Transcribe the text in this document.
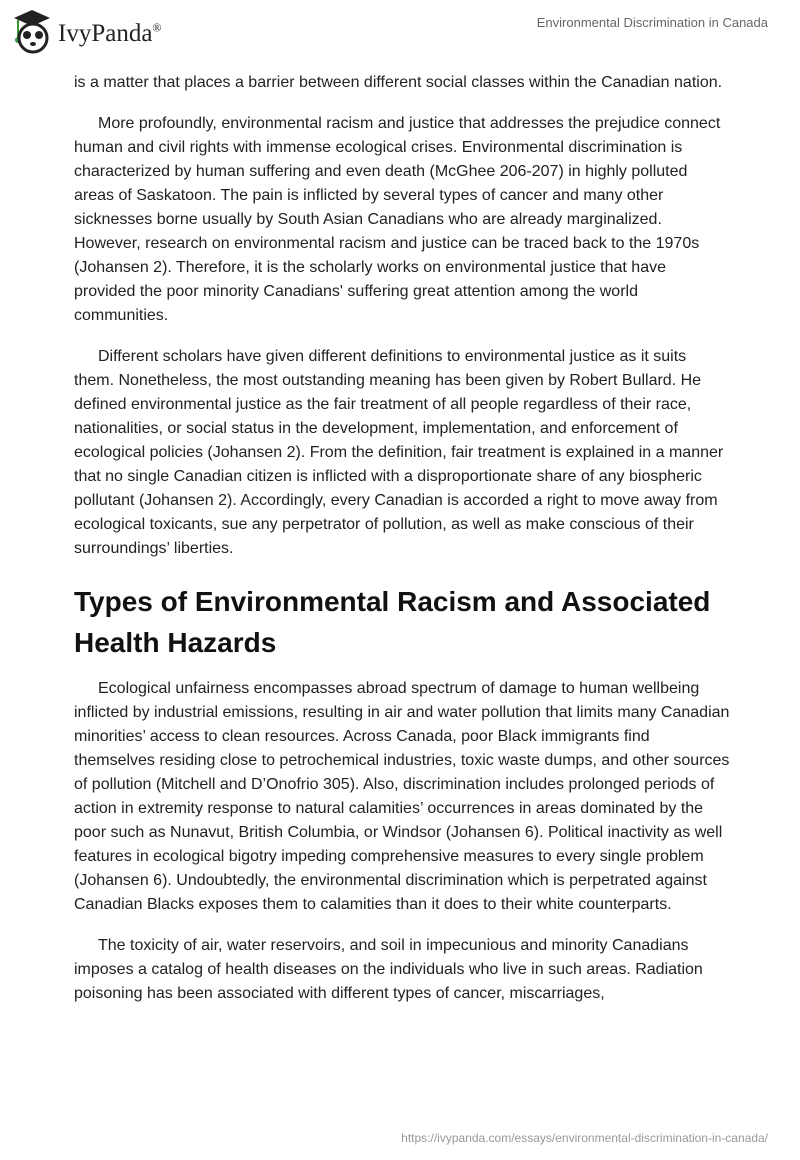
IvyPanda®	Environmental Discrimination in Canada

is a matter that places a barrier between different social classes within the Canadian nation.

More profoundly, environmental racism and justice that addresses the prejudice connect human and civil rights with immense ecological crises. Environmental discrimination is characterized by human suffering and even death (McGhee 206-207) in highly polluted areas of Saskatoon. The pain is inflicted by several types of cancer and many other sicknesses borne usually by South Asian Canadians who are already marginalized. However, research on environmental racism and justice can be traced back to the 1970s (Johansen 2). Therefore, it is the scholarly works on environmental justice that have provided the poor minority Canadians' suffering great attention among the world communities.

Different scholars have given different definitions to environmental justice as it suits them. Nonetheless, the most outstanding meaning has been given by Robert Bullard. He defined environmental justice as the fair treatment of all people regardless of their race, nationalities, or social status in the development, implementation, and enforcement of ecological policies (Johansen 2). From the definition, fair treatment is explained in a manner that no single Canadian citizen is inflicted with a disproportionate share of any biospheric pollutant (Johansen 2). Accordingly, every Canadian is accorded a right to move away from ecological toxicants, sue any perpetrator of pollution, as well as make conscious of their surroundings’ liberties.

Types of Environmental Racism and Associated Health Hazards

Ecological unfairness encompasses abroad spectrum of damage to human wellbeing inflicted by industrial emissions, resulting in air and water pollution that limits many Canadian minorities’ access to clean resources. Across Canada, poor Black immigrants find themselves residing close to petrochemical industries, toxic waste dumps, and other sources of pollution (Mitchell and D’Onofrio 305). Also, discrimination includes prolonged periods of action in extremity response to natural calamities’ occurrences in areas dominated by the poor such as Nunavut, British Columbia, or Windsor (Johansen 6). Political inactivity as well features in ecological bigotry impeding comprehensive measures to every single problem (Johansen 6). Undoubtedly, the environmental discrimination which is perpetrated against Canadian Blacks exposes them to calamities than it does to their white counterparts.

The toxicity of air, water reservoirs, and soil in impecunious and minority Canadians imposes a catalog of health diseases on the individuals who live in such areas. Radiation poisoning has been associated with different types of cancer, miscarriages,

https://ivypanda.com/essays/environmental-discrimination-in-canada/
